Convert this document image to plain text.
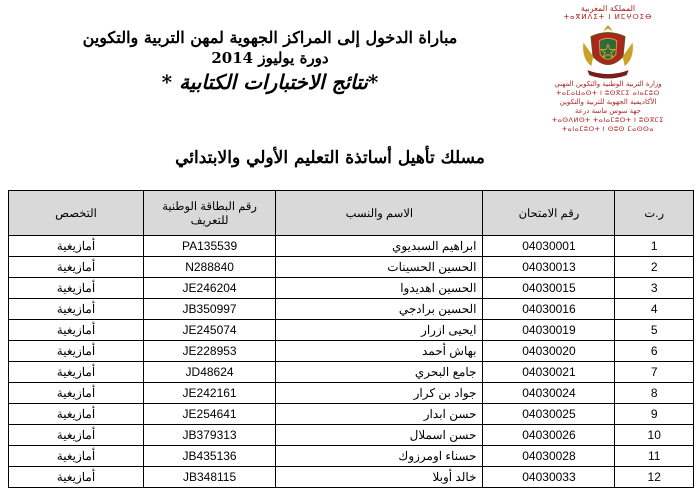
المملكة المغربية
ⵜⴰⴳⵍⴷⵉⵜ ⵏ ⵍⵎⵖⵔⵉⴱ
وزارة التربية الوطنية والتكوين المهني
ⵜⴰⵎⴰⵡⴰⵙⵜ ⵏ ⵓⵙⴳⵎⵉ ⴰⵏⴰⵎⵓⵔ
الأكاديمية الجهوية للتربية والتكوين
جهة سوس ماسة درعة
ⵜⴰⵙⴷⵍⵙⵜ ⵜⴰⵏⴰⵎⵓⵔⵜ ⵏ ⵓⵙⴳⵎⵉ
ⵜⴰⵏⴰⵎⵓⵔⵜ ⵏ ⵙⵓⵙ ⵎⴰⵙⵙⴰ
مباراة الدخول إلى المراكز الجهوية لمهن التربية والتكوين
دورة يوليوز 2014
*نتائج الاختبارات الكتابية *
مسلك تأهيل أساتذة التعليم الأولي والابتدائي
ر.ت	رقم الامتحان	الاسم والنسب	رقم البطاقة الوطنية للتعريف	التخصص
1	04030001	ابراهيم السبديوي	PA135539	أمازيغية
2	04030013	الحسين الحسينات	N288840	أمازيغية
3	04030015	الحسين اهديدوا	JE246204	أمازيغية
4	04030016	الحسين برادجي	JB350997	أمازيغية
5	04030019	ايحيى ازرار	JE245074	أمازيغية
6	04030020	بهاش أحمد	JE228953	أمازيغية
7	04030021	جامع البحري	JD48624	أمازيغية
8	04030024	جواد بن كرار	JE242161	أمازيغية
9	04030025	حسن ابدار	JE254641	أمازيغية
10	04030026	حسن اسملال	JB379313	أمازيغية
11	04030028	حسناء اومرزوك	JB435136	أمازيغية
12	04030033	خالد أوبلا	JB348115	أمازيغية
